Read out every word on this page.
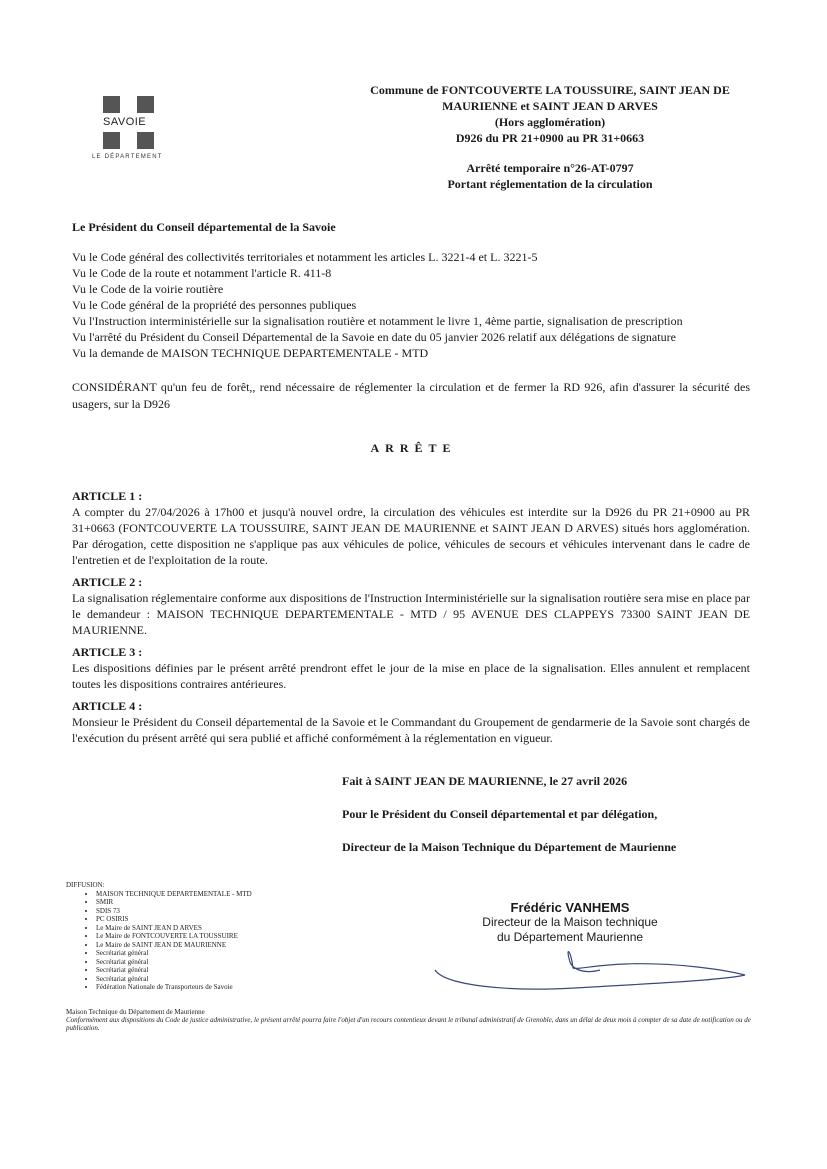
SAVOIE
LE DÉPARTEMENT
Commune de FONTCOUVERTE LA TOUSSUIRE, SAINT JEAN DE
MAURIENNE et SAINT JEAN D ARVES
(Hors agglomération)
D926 du PR 21+0900 au PR 31+0663
Arrêté temporaire n°26-AT-0797
Portant réglementation de la circulation
Le Président du Conseil départemental de la Savoie
Vu le Code général des collectivités territoriales et notamment les articles L. 3221-4 et L. 3221-5
Vu le Code de la route et notamment l'article R. 411-8
Vu le Code de la voirie routière
Vu le Code général de la propriété des personnes publiques
Vu l'Instruction interministérielle sur la signalisation routière et notamment le livre 1, 4ème partie, signalisation de prescription
Vu l'arrêté du Président du Conseil Départemental de la Savoie en date du 05 janvier 2026 relatif aux délégations de signature
Vu la demande de MAISON TECHNIQUE DEPARTEMENTALE - MTD
CONSIDÉRANT qu'un feu de forêt,, rend nécessaire de réglementer la circulation et de fermer la RD 926, afin d'assurer la sécurité des usagers, sur la D926
ARRÊTE
ARTICLE 1 :
A compter du 27/04/2026 à 17h00 et jusqu'à nouvel ordre, la circulation des véhicules est interdite sur la D926 du PR 21+0900 au PR 31+0663 (FONTCOUVERTE LA TOUSSUIRE, SAINT JEAN DE MAURIENNE et SAINT JEAN D ARVES) situés hors agglomération. Par dérogation, cette disposition ne s'applique pas aux véhicules de police, véhicules de secours et véhicules intervenant dans le cadre de l'entretien et de l'exploitation de la route.
ARTICLE 2 :
La signalisation réglementaire conforme aux dispositions de l'Instruction Interministérielle sur la signalisation routière sera mise en place par le demandeur : MAISON TECHNIQUE DEPARTEMENTALE - MTD / 95 AVENUE DES CLAPPEYS 73300 SAINT JEAN DE MAURIENNE.
ARTICLE 3 :
Les dispositions définies par le présent arrêté prendront effet le jour de la mise en place de la signalisation. Elles annulent et remplacent toutes les dispositions contraires antérieures.
ARTICLE 4 :
Monsieur le Président du Conseil départemental de la Savoie et le Commandant du Groupement de gendarmerie de la Savoie sont chargés de l'exécution du présent arrêté qui sera publié et affiché conformément à la réglementation en vigueur.
Fait à SAINT JEAN DE MAURIENNE, le 27 avril 2026
Pour le Président du Conseil départemental et par délégation,
Directeur de la Maison Technique du Département de Maurienne
DIFFUSION:
• MAISON TECHNIQUE DEPARTEMENTALE - MTD
• SMIR
• SDIS 73
• PC OSIRIS
• Le Maire de SAINT JEAN D ARVES
• Le Maire de FONTCOUVERTE LA TOUSSUIRE
• Le Maire de SAINT JEAN DE MAURIENNE
• Secrétariat général
• Secrétariat général
• Secrétariat général
• Secrétariat général
• Fédération Nationale de Transporteurs de Savoie
Frédéric VANHEMS
Directeur de la Maison technique
du Département Maurienne
Maison Technique du Département de Maurienne
Conformément aux dispositions du Code de justice administrative, le présent arrêté pourra faire l'objet d'un recours contentieux devant le tribunal administratif de Grenoble, dans un délai de deux mois à compter de sa date de notification ou de publication.
